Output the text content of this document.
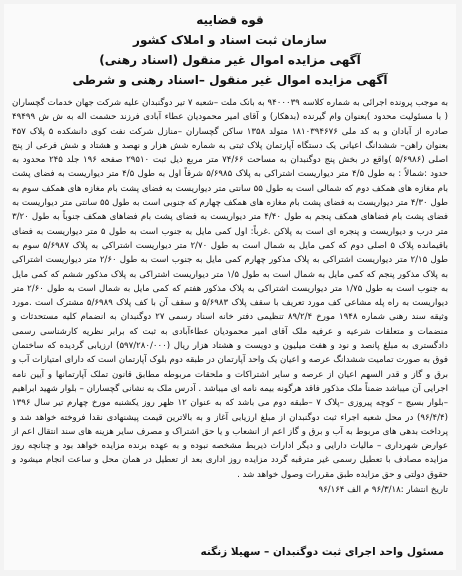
قوه قضاییه
سازمان ثبت اسناد و املاک کشور
آگهی مزایده اموال غیر منقول (اسناد رهنی)
آگهی مزایده اموال غیر منقول –اسناد رهنی و شرطی
به موجب پرونده اجرائی به شماره کلاسه ۹۴۰۰۰۳۹ به بانک ملت –شعبه ۷ تیر دوگنبدان علیه شرکت جهان خدمات گچساران ( با مسئولیت محدود )بعنوان وام گیرنده (بدهکار) و آقای امیر محمودیان عطاء آبادی فرزند حشمت اله به ش ش ۴۹۴۹۹ صادره از آبادان و به کد ملی ۱۸۱۰۳۹۴۶۷۶ متولد ۱۳۵۸ ساکن گچساران –منازل شرکت نفت کوی دانشکده ۵ پلاک ۴۵۷ بعنوان راهن– ششدانگ اعیانی یک دستگاه آپارتمان پلاک ثبتی به شماره شش هزار و نهصد و هشتاد و شش فرعی از پنج اصلی (۵/۶۹۸۶ )واقع در بخش پنج دوگنبدان به مساحت ۷۴/۶۶ متر مربع ذیل ثبت ۲۹۵۱۰ صفحه ۱۹۶ جلد ۲۴۵ محدود به حدود :شمالاً : به طول ۴/۵ متر دیواریست اشتراکی به پلاک ۵/۶۹۸۵ شرقاً اول به طول ۴/۵ متر دیواریست به فضای پشت بام مغازه های همکف دوم که شمالی است به طول ۵۵ سانتی متر دیواریست به فضای پشت بام مغازه های همکف سوم به طول ۴/۳۰ متر دیواریست به فضای پشت بام مغازه های همکف چهارم که جنوبی است به طول ۵۵ سانتی متر دیواریست به فضای پشت بام فضاهای همکف پنجم به طول ۴/۴۰ متر دیواریست به فضای پشت بام فضاهای همکف جنوباً به طول ۳/۲۰ متر درب و دیواریست و پنجره ای است به پلاکن .غرباً: اول کمی مایل به جنوب است به طول ۵ متر دیواریست به فضای باقیمانده پلاک ۵ اصلی دوم که کمی مایل به شمال است به طول ۲/۷۰ متر دیواریست اشتراکی به پلاک ۵/۶۹۸۷ سوم به طول ۲/۱۵ متر دیواریست اشتراکی به پلاک مذکور چهارم کمی مایل به جنوب است به طول ۲/۶۰ متر دیواریست اشتراکی به پلاک مذکور پنجم که کمی مایل به شمال است به طول ۱/۵ متر دیواریست اشتراکی به پلاک مذکور ششم که کمی مایل به جنوب است به طول ۱/۷۵ متر دیواریست اشتراکی به پلاک مذکور هفتم که کمی مایل به شمال است به طول ۲/۶۰ متر دیواریست به راه پله مشاعی کف مورد تعریف با سقف پلاک ۵/۶۹۸۳ و سقف آن با کف پلاک ۵/۶۹۸۹ مشترک است .مورد وثیقه سند رهنی شماره ۱۹۴۸ مورخ ۸۹/۲/۴ تنظیمی دفتر خانه اسناد رسمی ۲۷ دوگنبدان به انضمام کلیه مستحدثات و منضمات و متعلقات شرعیه و عرفیه ملک آقای امیر محمودیان عطاءآبادی به ثبت که برابر نظریه کارشناسی رسمی دادگستری به مبلغ پانصد و نود و هفت میلیون و دویست و هشتاد هزار ریال (۵۹۷/۲۸۰/۰۰۰) ارزیابی گردیده که ساختمان فوق به صورت تمامیت ششدانگ عرصه و اعیان یک واحد آپارتمان در طبقه دوم بلوک آپارتمان است که دارای امتیازات آب و برق و گاز و قدر السهم اعیان از عرصه و سایر اشتراکات و ملحقات مربوطه مطابق قانون تملک آپارتمانها و آیین نامه اجرایی آن میباشد ضمناً ملک مذکور فاقد هرگونه بیمه نامه ای میباشد . آدرس ملک به نشانی گچساران – بلوار شهید ابراهیم –بلوار بسیج – کوچه پیروزی –پلاک ۷ –طبقه دوم می باشد که به عنوان ۱۲ ظهر روز یکشنبه مورخ چهارم تیر سال ۱۳۹۶ (۹۶/۴/۴) در محل شعبه اجراء ثبت دوگنبدان از مبلغ ارزیابی آغاز و به بالاترین قیمت پیشنهادی نقدا فروخته خواهد شد و پرداخت بدهی های مربوط به آب و برق و گاز اعم از انشعاب و یا حق اشتراک و مصرف سایر هزینه های سند انتقال اعم از عوارض شهرداری – مالیات دارایی و دیگر ادارات ذیربط مشخصه نبوده و به عهده برنده مزایده خواهد بود و چنانچه روز مزایده مصادف با تعطیل رسمی غیر مترقبه گردد مزایده روز اداری بعد از تعطیل در همان محل و ساعت انجام میشود و حقوق دولتی و حق مزایده طبق مقررات وصول خواهد شد .
تاریخ انتشار :۹۶/۳/۱۸ م الف ۹۶/۱۶۴
مسئول واحد اجرای ثبت دوگنبدان – سهیلا زنگنه
